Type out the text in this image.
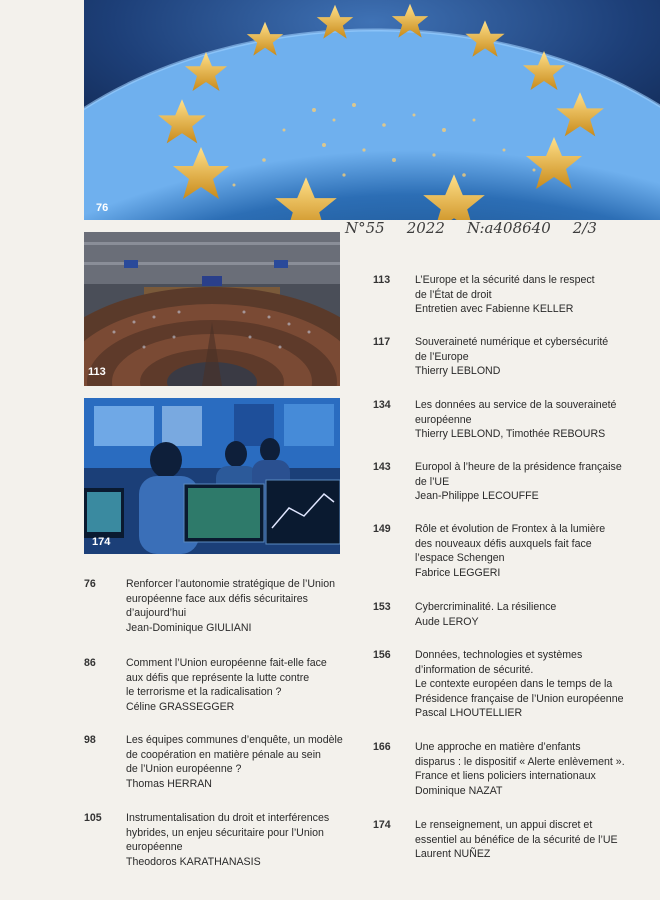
76
N°55 2022 N:a408640 2/3
113
174
76	Renforcer l’autonomie stratégique de l’Union
européenne face aux défis sécuritaires
d’aujourd’hui
Jean-Dominique GIULIANI
86	Comment l’Union européenne fait-elle face
aux défis que représente la lutte contre
le terrorisme et la radicalisation ?
Céline GRASSEGGER
98	Les équipes communes d’enquête, un modèle
de coopération en matière pénale au sein
de l’Union européenne ?
Thomas HERRAN
105 Instrumentalisation du droit et interférences
hybrides, un enjeu sécuritaire pour l’Union
européenne
Theodoros KARATHANASIS
113 L’Europe et la sécurité dans le respect
de l’État de droit
Entretien avec Fabienne KELLER
117 Souveraineté numérique et cybersécurité
de l’Europe
Thierry LEBLOND
134 Les données au service de la souveraineté
européenne
Thierry LEBLOND, Timothée REBOURS
143 Europol à l’heure de la présidence française
de l’UE
Jean-Philippe LECOUFFE
149 Rôle et évolution de Frontex à la lumière
des nouveaux défis auxquels fait face
l’espace Schengen
Fabrice LEGGERI
153 Cybercriminalité. La résilience
Aude LEROY
156 Données, technologies et systèmes
d’information de sécurité.
Le contexte européen dans le temps de la
Présidence française de l’Union européenne
Pascal LHOUTELLIER
166 Une approche en matière d’enfants
disparus : le dispositif « Alerte enlèvement ».
France et liens policiers internationaux
Dominique NAZAT
174 Le renseignement, un appui discret et
essentiel au bénéfice de la sécurité de l’UE
Laurent NUÑEZ
